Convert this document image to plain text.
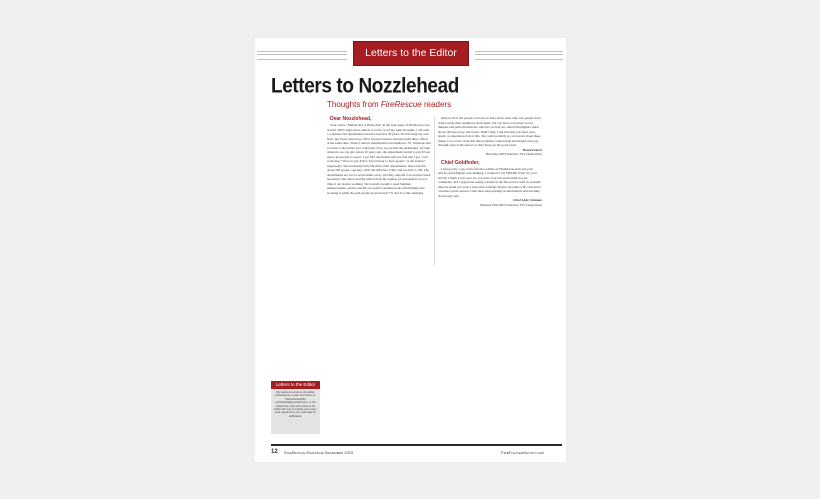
Letters to the Editor
Letters to Nozzlehead
Thoughts from FireRescue readers

Dear Nozzlehead,

Your article “Mutual Aid or Band-Aid” in the June issue of FireRescue was at least 200% right and is almost word for word my same thoughts. I am with a volunteer fire department and have been for 59 years. Not blowing my own horn, but I have had every office except treasurer and have held three offices at the same time. When I started, membership was limited to 35. Someone had to retire or die before you could join. Now we are like the undertaker; we take whatever we can get. About 10 years ago, the department started to pay $5 per run to get people to report. I got $35 one month and was told that I got “a lot of money.” We now pay $10 to $12 an hour to have people “at the station” supposedly. We run mutual aid with three other departments. One town has about 500 people, one has 1,300, the third has 3,500, and we have 1,700. The departments are two to seven miles away, and they respond to us in kind when necessary. Our chief recently retired from his regular job and spends a lot of time at our station working. We recently bought a used Sutphen pumper/tanker, and he and his son spend countless hours refurbishing and stocking it while the paid people sit and watch TV and do some studying.

Almost all of the people we treat we have never seen. Our own people don’t want to help their neighbors and friends, but you have to be there in two minutes and perform miracles. One fire we had two retired firefighters stand about 100 feet away and watch. Didn’t help. I am sure that you have seen, heard, or experienced all of this. We could probably go on forever about these things to no avail. I feel that this problem is nationwide and maybe total pay through taxes is the answer to this! Keep up the good work.

Howard Davis

Bethesda (OH) Volunteer Fire Department

Chief Goldfeder,

I just got my copy of the October edition of FireRescue and read your article on firefighters and drinking. I wanted to say THANK YOU for your article! I think it was spot on; you were very fair and factual in your comments, and I appreciate seeing a leader in the fire service such as yourself take the stand you took. I hope that someday maybe our paths will cross and I can meet you in person. Until then, keep feeding us information and teaching us and stay safe.

Chief Andy Chatman

Pleasant Hill (MO) Volunteer Fire Department

Letters to the Editor
We welcome Letters to the Editor, preferably by e-mail. Send them to: Shana Rothschild (srothschild@pennwell.com). In the subject line, write FR Letters to the Editor. Be sure to include your name, rank, department, city, and state for publication.
12 FireRescue Magazine December 2015	FireFighterNation.com
